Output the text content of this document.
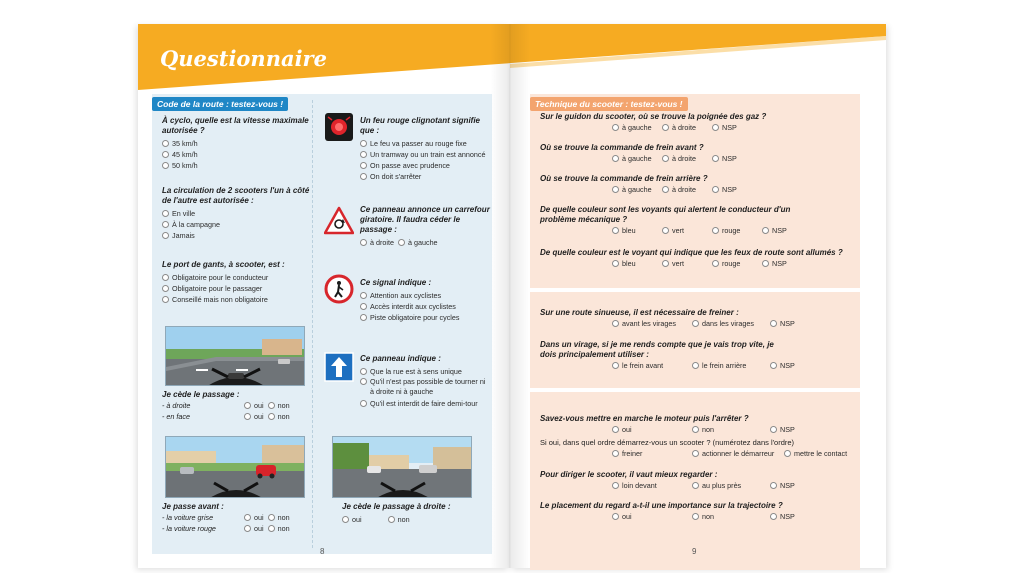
Questionnaire
Code de la route : testez-vous !	Technique du scooter : testez-vous !
À cyclo, quelle est la vitesse maximale autorisée ?
35 km/h
45 km/h
50 km/h
La circulation de 2 scooters l'un à côté de l'autre est autorisée :
En ville
À la campagne
Jamais
Le port de gants, à scooter, est :
Obligatoire pour le conducteur
Obligatoire pour le passager
Conseillé mais non obligatoire
Je cède le passage :
- à droite	oui non
- en face	oui non
Je passe avant :
- la voiture grise	oui non
- la voiture rouge	oui non
Un feu rouge clignotant signifie que :
Le feu va passer au rouge fixe
Un tramway ou un train est annoncé
On passe avec prudence
On doit s'arrêter
Ce panneau annonce un carrefour giratoire. Il faudra céder le passage :
à droite à gauche
Ce signal indique :
Attention aux cyclistes
Accès interdit aux cyclistes
Piste obligatoire pour cycles
Ce panneau indique :
Que la rue est à sens unique
Qu'il n'est pas possible de tourner ni à droite ni à gauche
Qu'il est interdit de faire demi-tour
Je cède le passage à droite :
oui	non
8
Sur le guidon du scooter, où se trouve la poignée des gaz ?
à gauche	à droite	NSP
Où se trouve la commande de frein avant ?
à gauche	à droite	NSP
Où se trouve la commande de frein arrière ?
à gauche	à droite	NSP
De quelle couleur sont les voyants qui alertent le conducteur d'un problème mécanique ?
bleu	vert	rouge	NSP
De quelle couleur est le voyant qui indique que les feux de route sont allumés ?
bleu	vert	rouge	NSP
Sur une route sinueuse, il est nécessaire de freiner :
avant les virages	dans les virages	NSP
Dans un virage, si je me rends compte que je vais trop vite, je dois principalement utiliser :
le frein avant	le frein arrière	NSP
Savez-vous mettre en marche le moteur puis l'arrêter ?
oui	non	NSP
Si oui, dans quel ordre démarrez-vous un scooter ? (numérotez dans l'ordre)
freiner	actionner le démarreur	mettre le contact
Pour diriger le scooter, il vaut mieux regarder :
loin devant	au plus près	NSP
Le placement du regard a-t-il une importance sur la trajectoire ?
oui	non	NSP
9
